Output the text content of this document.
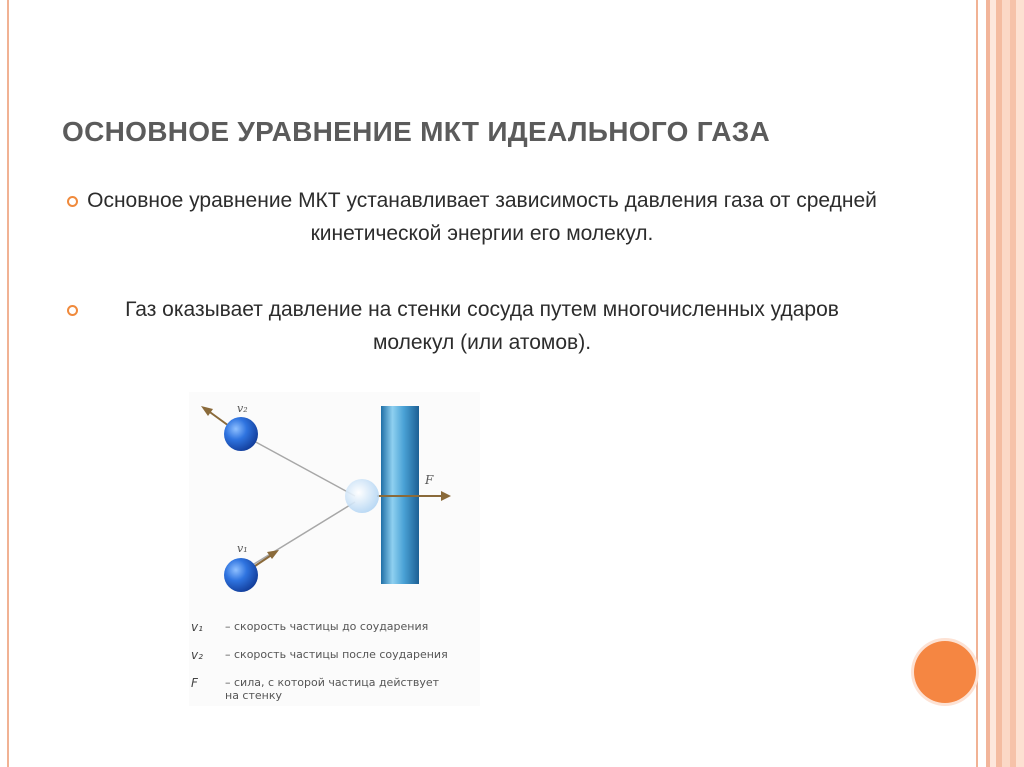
ОСНОВНОЕ УРАВНЕНИЕ МКТ ИДЕАЛЬНОГО ГАЗА
Основное уравнение МКТ устанавливает зависимость давления газа от средней кинетической энергии его молекул.
Газ оказывает давление на стенки сосуда путем многочисленных ударов молекул (или атомов).
v₂
v₁
F
v₁ – скорость частицы до соударения
v₂ – скорость частицы после соударения
F – сила, с которой частица действует
на стенку
